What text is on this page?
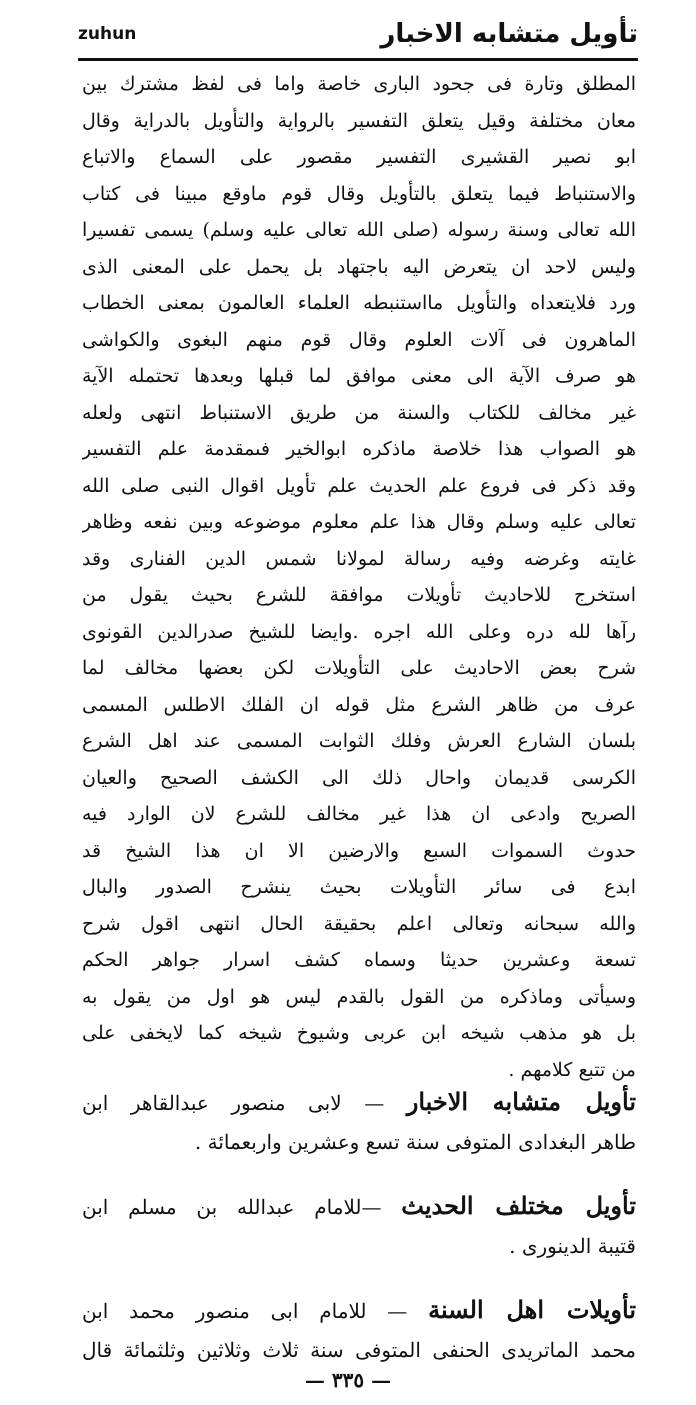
تأويل متشابه الاخبار
zuhun
المطلق وتارة فى جحود البارى خاصة واما فى لفظ مشترك بين
معان مختلفة وقيل يتعلق التفسير بالرواية والتأويل بالدراية وقال
ابو نصير القشيرى التفسير مقصور على السماع والاتباع
والاستنباط فيما يتعلق بالتأويل وقال قوم ماوقع مبينا فى كتاب
الله تعالى وسنة رسوله (صلى الله تعالى عليه وسلم) يسمى تفسيرا
وليس لاحد ان يتعرض اليه باجتهاد بل يحمل على المعنى الذى
ورد فلايتعداه والتأويل مااستنبطه العلماء العالمون بمعنى الخطاب
الماهرون فى آلات العلوم وقال قوم منهم البغوى والكواشى
هو صرف الآية الى معنى موافق لما قبلها وبعدها تحتمله الآية
غير مخالف للكتاب والسنة من طريق الاستنباط انتهى ولعله
هو الصواب هذا خلاصة ماذكره ابوالخير فىمقدمة علم التفسير
وقد ذكر فى فروع علم الحديث علم تأويل اقوال النبى صلى الله
تعالى عليه وسلم وقال هذا علم معلوم موضوعه وبين نفعه وظاهر
غايته وغرضه وفيه رسالة لمولانا شمس الدين الفنارى وقد
استخرج للاحاديث تأويلات موافقة للشرع بحيث يقول من
رآها لله دره وعلى الله اجره .وايضا للشيخ صدرالدين القونوى
شرح بعض الاحاديث على التأويلات لكن بعضها مخالف لما
عرف من ظاهر الشرع مثل قوله ان الفلك الاطلس المسمى
بلسان الشارع العرش وفلك الثوابت المسمى عند اهل الشرع
الكرسى قديمان واحال ذلك الى الكشف الصحيح والعيان
الصريح وادعى ان هذا غير مخالف للشرع لان الوارد فيه
حدوث السموات السبع والارضين الا ان هذا الشيخ قد
ابدع فى سائر التأويلات بحيث ينشرح الصدور والبال
والله سبحانه وتعالى اعلم بحقيقة الحال انتهى اقول شرح
تسعة وعشرين حديثا وسماه كشف اسرار جواهر الحكم
وسيأتى وماذكره من القول بالقدم ليس هو اول من يقول به
بل هو مذهب شيخه ابن عربى وشيوخ شيخه كما لايخفى على
من تتبع كلامهم .
تأويل متشابه الاخبار — لابى منصور عبدالقاهر ابن
طاهر البغدادى المتوفى سنة تسع وعشرين واربعمائة .
تأويل مختلف الحديث —للامام عبدالله بن مسلم ابن
قتيبة الدينورى .
تأويلات اهل السنة — للامام ابى منصور محمد ابن
محمد الماتريدى الحنفى المتوفى سنة ثلاث وثلاثين وثلثمائة قال
— ٣٣٥ —
